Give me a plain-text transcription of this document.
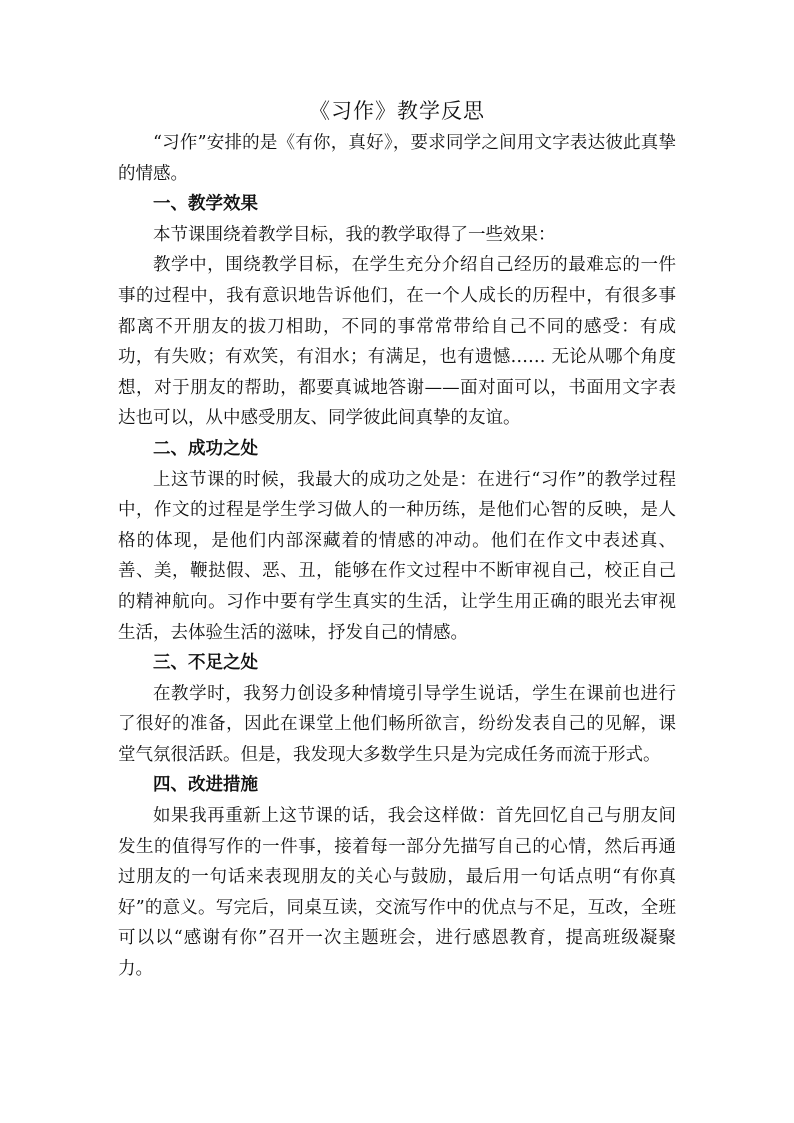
《习作》教学反思

“习作”安排的是《有你，真好》，要求同学之间用文字表达彼此真挚的情感。

一、教学效果

本节课围绕着教学目标，我的教学取得了一些效果：

教学中，围绕教学目标，在学生充分介绍自己经历的最难忘的一件事的过程中，我有意识地告诉他们，在一个人成长的历程中，有很多事都离不开朋友的拔刀相助，不同的事常常带给自己不同的感受：有成功，有失败；有欢笑，有泪水；有满足，也有遗憾…… 无论从哪个角度想，对于朋友的帮助，都要真诚地答谢——面对面可以，书面用文字表达也可以，从中感受朋友、同学彼此间真挚的友谊。

二、成功之处

上这节课的时候，我最大的成功之处是：在进行“习作”的教学过程中，作文的过程是学生学习做人的一种历练，是他们心智的反映，是人格的体现，是他们内部深藏着的情感的冲动。他们在作文中表述真、善、美，鞭挞假、恶、丑，能够在作文过程中不断审视自己，校正自己的精神航向。习作中要有学生真实的生活，让学生用正确的眼光去审视生活，去体验生活的滋味，抒发自己的情感。

三、不足之处

在教学时，我努力创设多种情境引导学生说话，学生在课前也进行了很好的准备，因此在课堂上他们畅所欲言，纷纷发表自己的见解，课堂气氛很活跃。但是，我发现大多数学生只是为完成任务而流于形式。

四、改进措施

如果我再重新上这节课的话，我会这样做：首先回忆自己与朋友间发生的值得写作的一件事，接着每一部分先描写自己的心情，然后再通过朋友的一句话来表现朋友的关心与鼓励，最后用一句话点明“有你真好”的意义。写完后，同桌互读，交流写作中的优点与不足，互改，全班可以以“感谢有你”召开一次主题班会，进行感恩教育，提高班级凝聚力。
